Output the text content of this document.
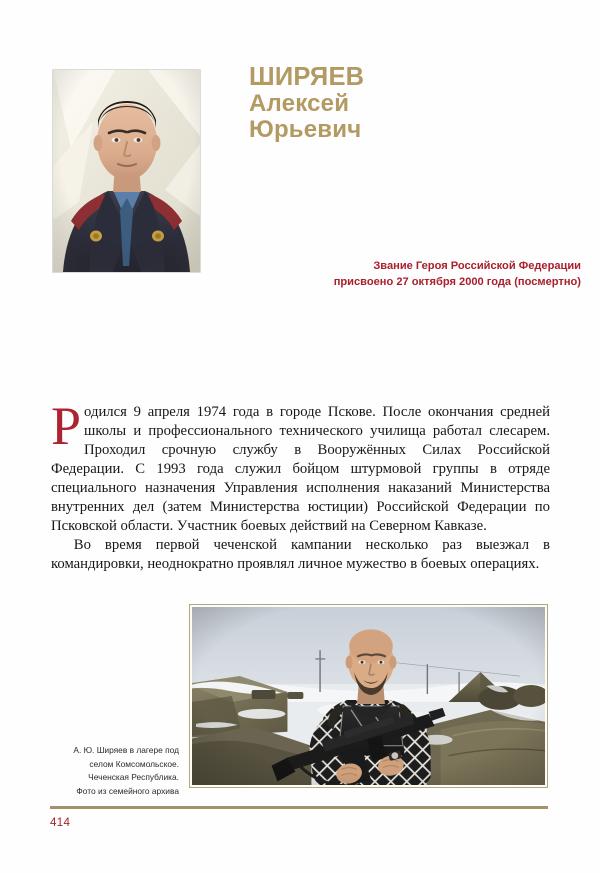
ШИРЯЕВ
Алексей
Юрьевич
Звание Героя Российской Федерации
присвоено 27 октября 2000 года (посмертно)

Родился 9 апреля 1974 года в городе Пскове. После окончания средней школы и профессионального технического училища работал слесарем. Проходил срочную службу в Вооружённых Силах Российской Федерации. С 1993 года служил бойцом штурмовой группы в отряде специального назначения Управления исполнения наказаний Министерства внутренних дел (затем Министерства юстиции) Российской Федерации по Псковской области. Участник боевых действий на Северном Кавказе.

Во время первой чеченской кампании несколько раз выезжал в командировки, неоднократно проявлял личное мужество в боевых операциях.

А. Ю. Ширяев в лагере под
селом Комсомольское.
Чеченская Республика.
Фото из семейного архива
414
